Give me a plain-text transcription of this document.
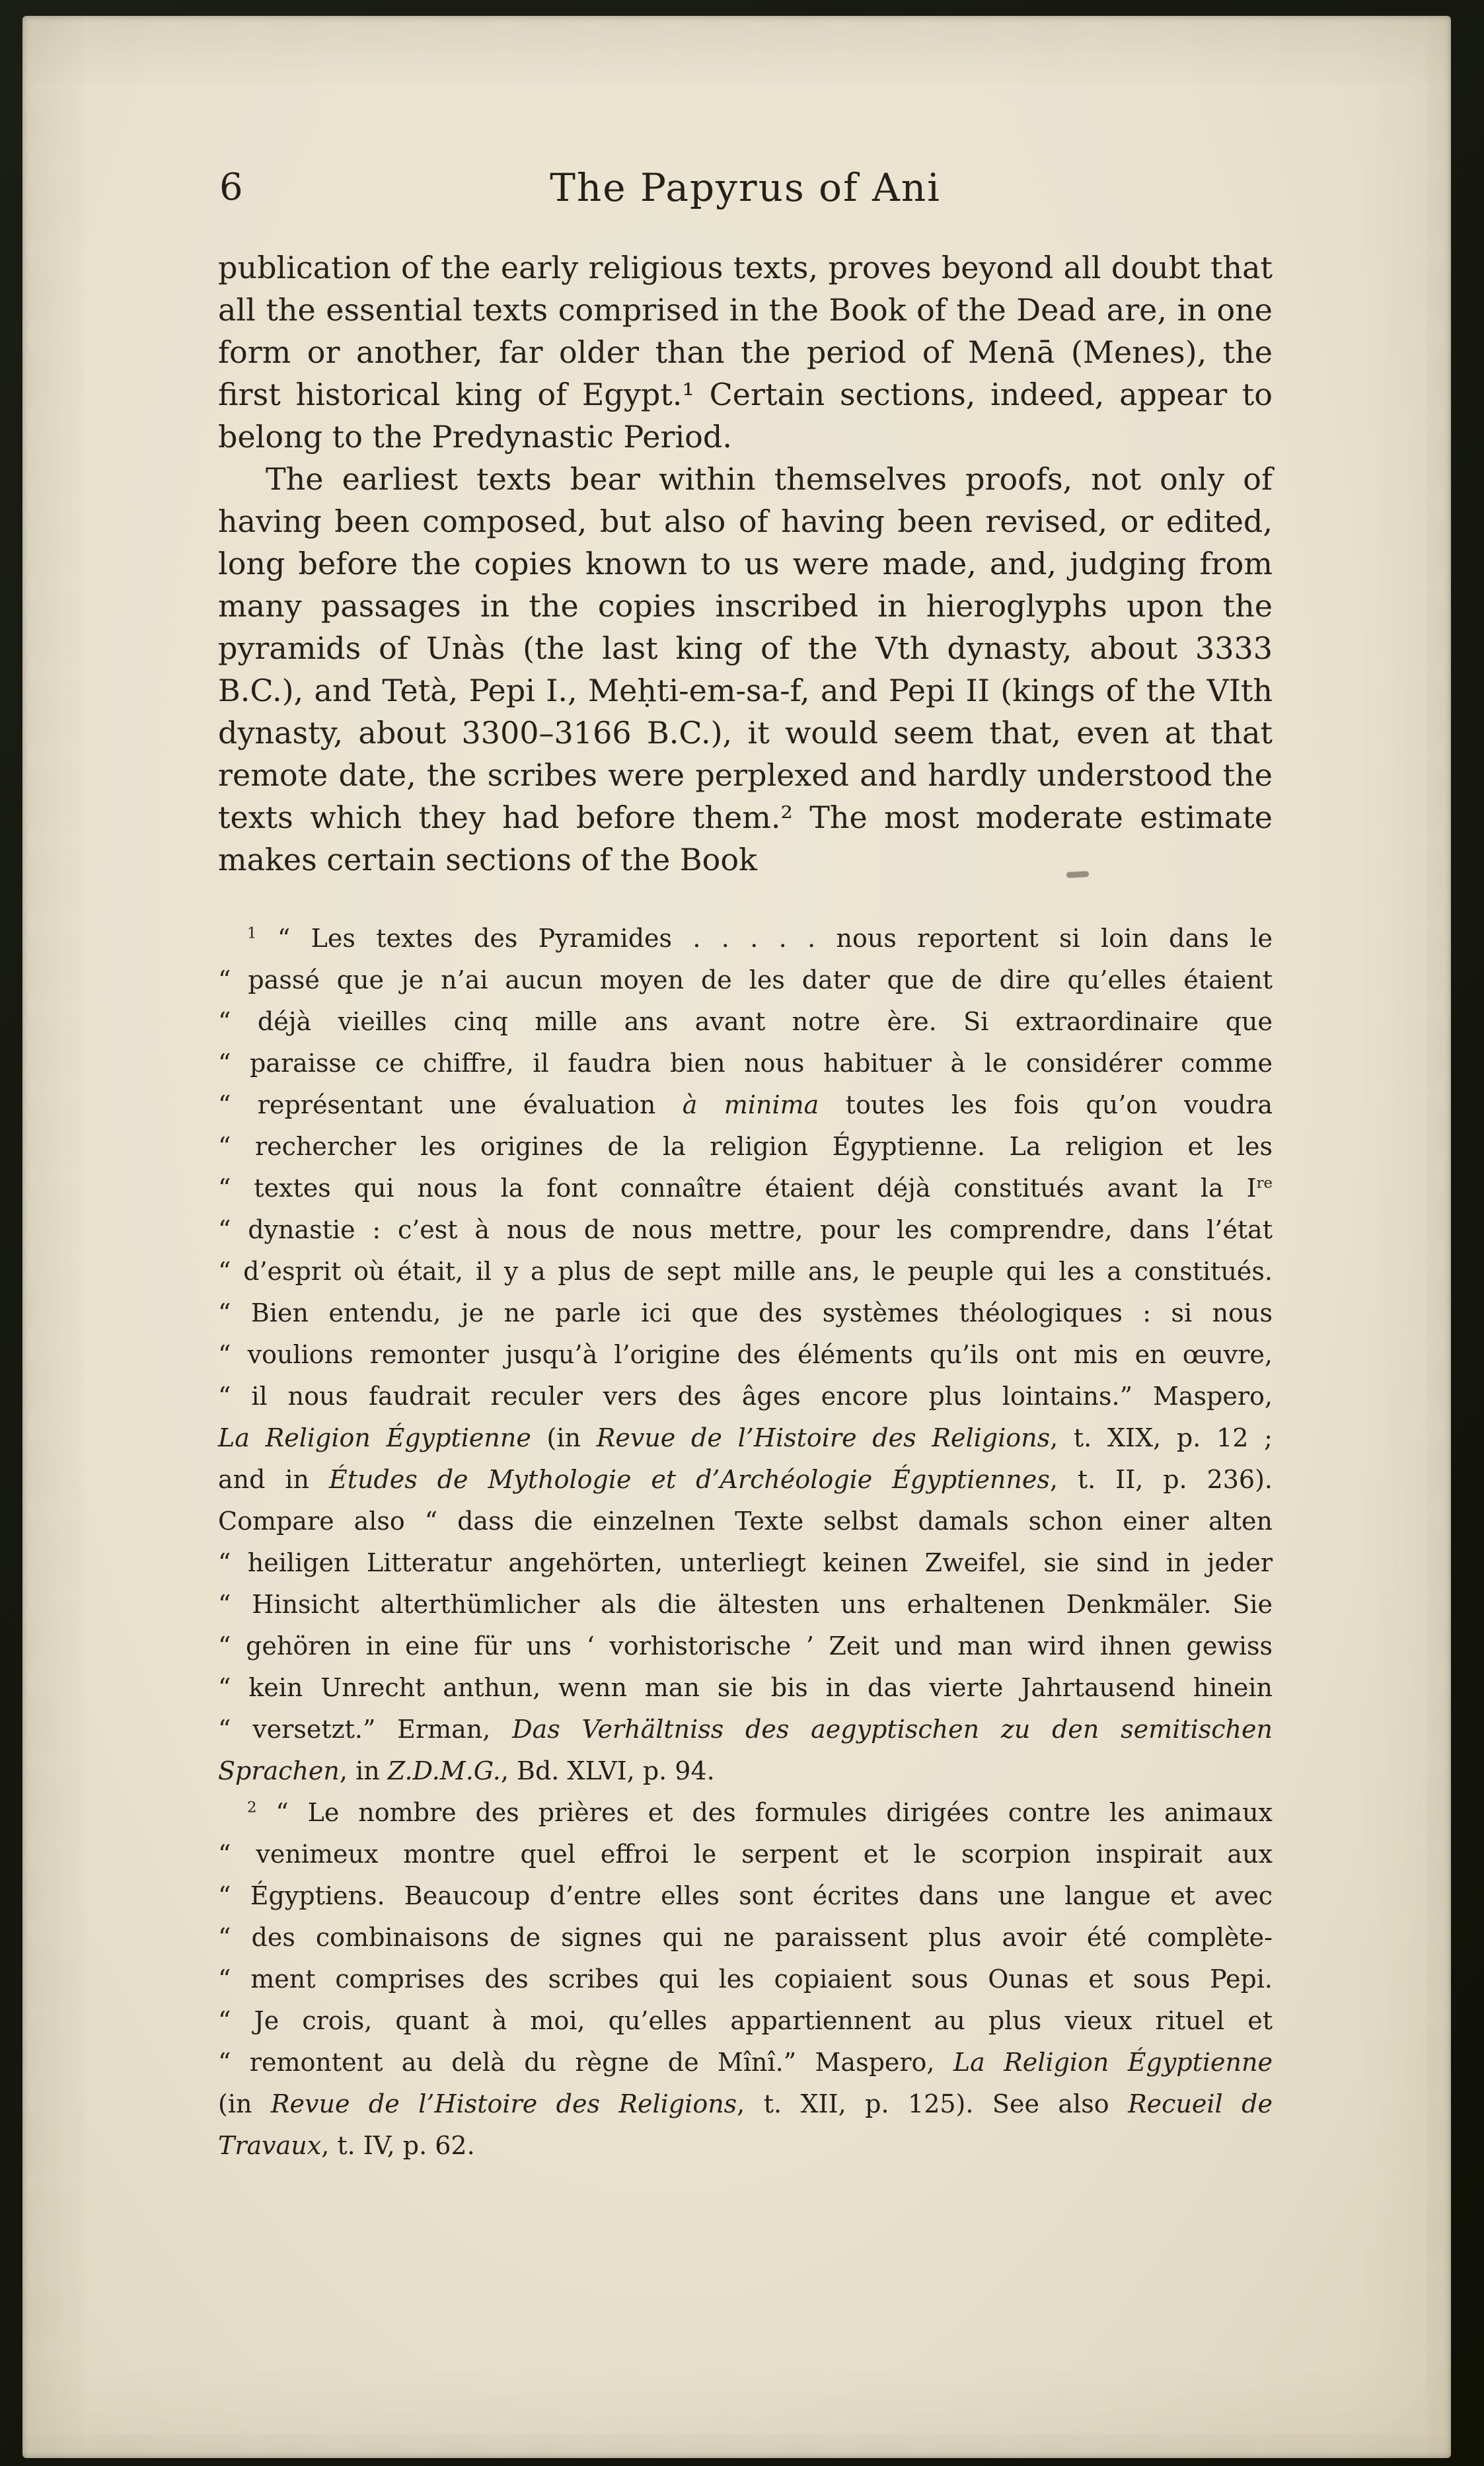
6	The Papyrus of Ani

publication of the early religious texts, proves beyond all doubt that all the essential texts comprised in the Book of the Dead are, in one form or another, far older than the period of Menā (Menes), the first historical king of Egypt.¹ Certain sections, indeed, appear to belong to the Predynastic Period.

The earliest texts bear within themselves proofs, not only of having been composed, but also of having been revised, or edited, long before the copies known to us were made, and, judging from many passages in the copies inscribed in hieroglyphs upon the pyramids of Unàs (the last king of the Vth dynasty, about 3333 B.C.), and Tetà, Pepi I., Meḥti-em-sa-f, and Pepi II (kings of the VIth dynasty, about 3300–3166 B.C.), it would seem that, even at that remote date, the scribes were perplexed and hardly understood the texts which they had before them.² The most moderate estimate makes certain sections of the Book

$^1$ “ Les textes des Pyramides . . . . . nous reportent si loin dans le
“ passé que je n’ai aucun moyen de les dater que de dire qu’elles étaient
“ déjà vieilles cinq mille ans avant notre ère. Si extraordinaire que
“ paraisse ce chiffre, il faudra bien nous habituer à le considérer comme
“ représentant une évaluation à minima toutes les fois qu’on voudra
“ rechercher les origines de la religion Égyptienne. La religion et les
“ textes qui nous la font connaître étaient déjà constitués avant la Ire
“ dynastie : c’est à nous de nous mettre, pour les comprendre, dans l’état
“ d’esprit où était, il y a plus de sept mille ans, le peuple qui les a constitués.
“ Bien entendu, je ne parle ici que des systèmes théologiques : si nous
“ voulions remonter jusqu’à l’origine des éléments qu’ils ont mis en œuvre,
“ il nous faudrait reculer vers des âges encore plus lointains.” Maspero,
La Religion Égyptienne (in Revue de l’Histoire des Religions, t. XIX, p. 12 ;
and in Études de Mythologie et d’Archéologie Égyptiennes, t. II, p. 236).
Compare also “ dass die einzelnen Texte selbst damals schon einer alten
“ heiligen Litteratur angehörten, unterliegt keinen Zweifel, sie sind in jeder
“ Hinsicht alterthümlicher als die ältesten uns erhaltenen Denkmäler. Sie
“ gehören in eine für uns ‘ vorhistorische ’ Zeit und man wird ihnen gewiss
“ kein Unrecht anthun, wenn man sie bis in das vierte Jahrtausend hinein
“ versetzt.” Erman, Das Verhältniss des aegyptischen zu den semitischen
Sprachen, in Z.D.M.G., Bd. XLVI, p. 94.
$^2$ “ Le nombre des prières et des formules dirigées contre les animaux
“ venimeux montre quel effroi le serpent et le scorpion inspirait aux
“ Égyptiens. Beaucoup d’entre elles sont écrites dans une langue et avec
“ des combinaisons de signes qui ne paraissent plus avoir été complète-
“ ment comprises des scribes qui les copiaient sous Ounas et sous Pepi.
“ Je crois, quant à moi, qu’elles appartiennent au plus vieux rituel et
“ remontent au delà du règne de Mînî.” Maspero, La Religion Égyptienne
(in Revue de l’Histoire des Religions, t. XII, p. 125). See also Recueil de
Travaux, t. IV, p. 62.
